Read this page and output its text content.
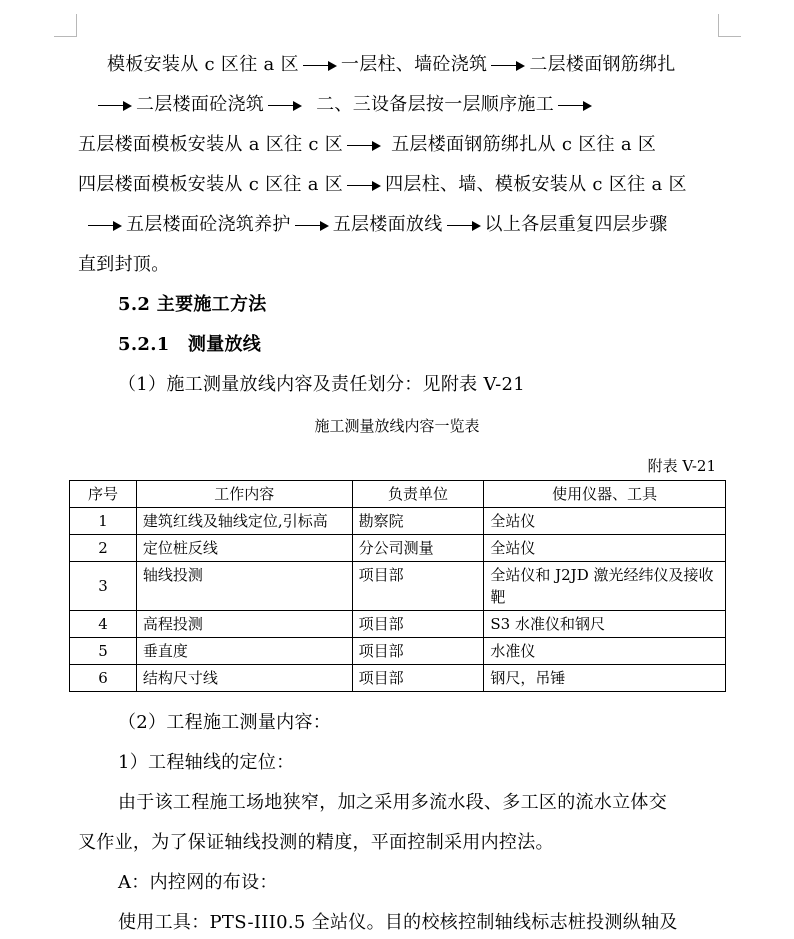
模板安装从 c 区往 a 区 一层柱、墙砼浇筑 二层楼面钢筋绑扎
二层楼面砼浇筑	二、三设备层按一层顺序施工
五层楼面模板安装从 a 区往 c 区	五层楼面钢筋绑扎从 c 区往 a 区
四层楼面模板安装从 c 区往 a 区 四层柱、墙、模板安装从 c 区往 a 区
五层楼面砼浇筑养护 五层楼面放线 以上各层重复四层步骤
直到封顶。
5.2 主要施工方法
5.2.1　测量放线
（1）施工测量放线内容及责任划分：见附表 V-21
施工测量放线内容一览表
附表 V-21
序号	工作内容	负责单位	使用仪器、工具
1	建筑红线及轴线定位,引标高	勘察院	全站仪
2	定位桩反线	分公司测量	全站仪
3	轴线投测	项目部	全站仪和 J2JD 激光经纬仪及接收靶
4	高程投测	项目部	S3 水准仪和钢尺
5	垂直度	项目部	水准仪
6	结构尺寸线	项目部	钢尺，吊锤
（2）工程施工测量内容：
1）工程轴线的定位：
由于该工程施工场地狭窄，加之采用多流水段、多工区的流水立体交
叉作业，为了保证轴线投测的精度，平面控制采用内控法。
A：内控网的布设：
使用工具：PTS-III0.5 全站仪。目的校核控制轴线标志桩投测纵轴及
